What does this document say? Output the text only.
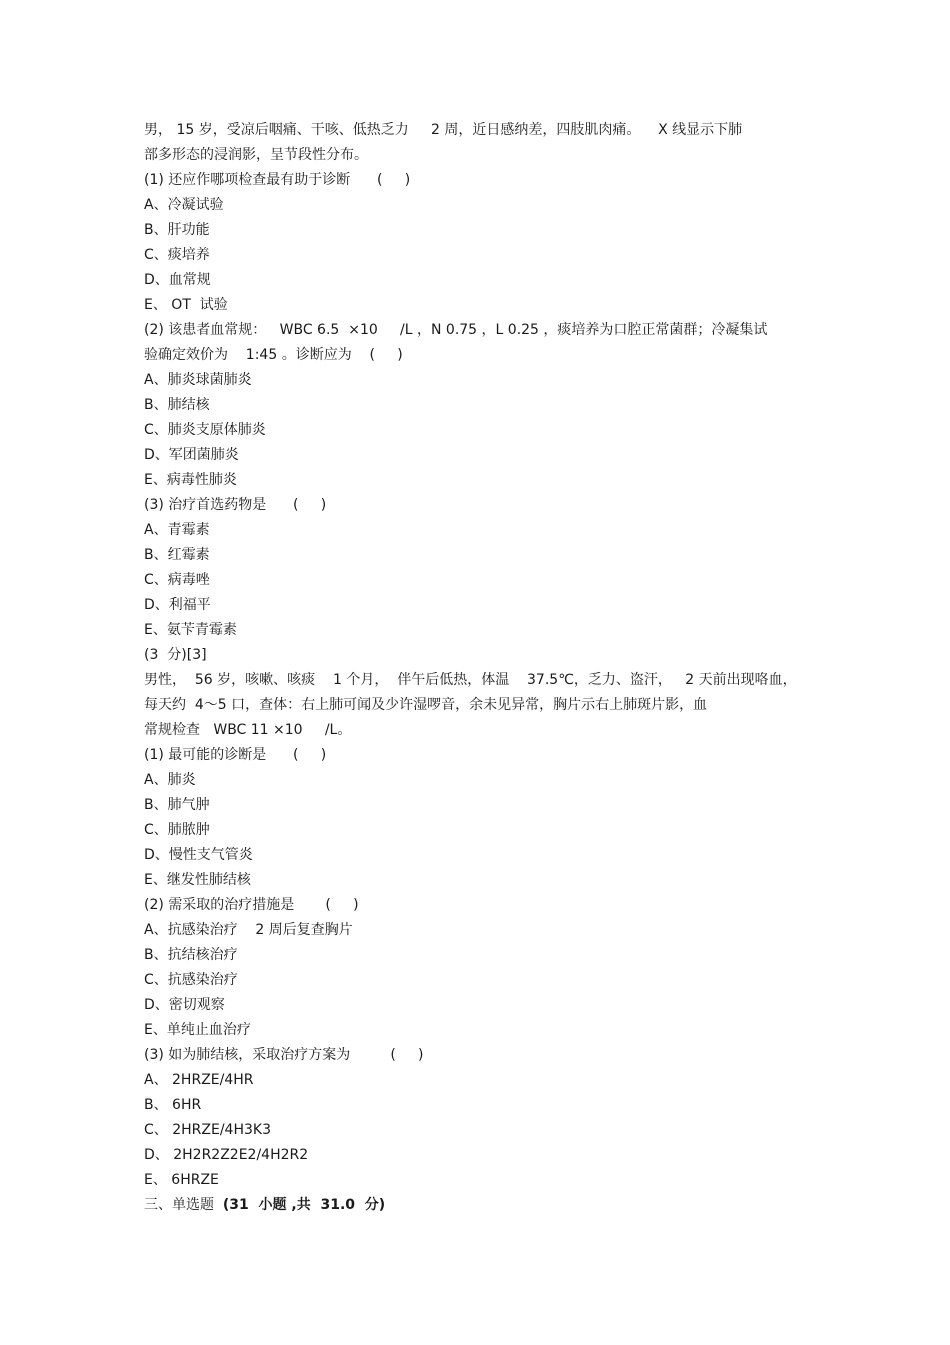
男， 15 岁，受凉后咽痛、干咳、低热乏力     2 周，近日感纳差，四肢肌肉痛。    X 线显示下肺
部多形态的浸润影，呈节段性分布。
(1) 还应作哪项检查最有助于诊断      (     )
A、冷凝试验
B、肝功能
C、痰培养
D、血常规
E、 OT  试验
(2) 该患者血常规：   WBC 6.5  ×10     /L ，N 0.75 ，L 0.25 ，痰培养为口腔正常菌群；冷凝集试
验确定效价为    1:45 。诊断应为    (     )
A、肺炎球菌肺炎
B、肺结核
C、肺炎支原体肺炎
D、军团菌肺炎
E、病毒性肺炎
(3) 治疗首选药物是      (     )
A、青霉素
B、红霉素
C、病毒唑
D、利福平
E、氨苄青霉素
(3  分)[3]
男性，  56 岁，咳嗽、咳痰    1 个月，  伴午后低热，体温    37.5℃，乏力、盗汗，   2 天前出现咯血，
每天约  4～5 口，查体：右上肺可闻及少许湿啰音，余未见异常，胸片示右上肺斑片影，血
常规检查   WBC 11 ×10     /L。
(1) 最可能的诊断是      (     )
A、肺炎
B、肺气肿
C、肺脓肿
D、慢性支气管炎
E、继发性肺结核
(2) 需采取的治疗措施是       (     )
A、抗感染治疗    2 周后复查胸片
B、抗结核治疗
C、抗感染治疗
D、密切观察
E、单纯止血治疗
(3) 如为肺结核，采取治疗方案为         (     )
A、 2HRZE/4HR
B、 6HR
C、 2HRZE/4H3K3
D、 2H2R2Z2E2/4H2R2
E、 6HRZE
三、单选题  (31  小题 ,共  31.0  分)
